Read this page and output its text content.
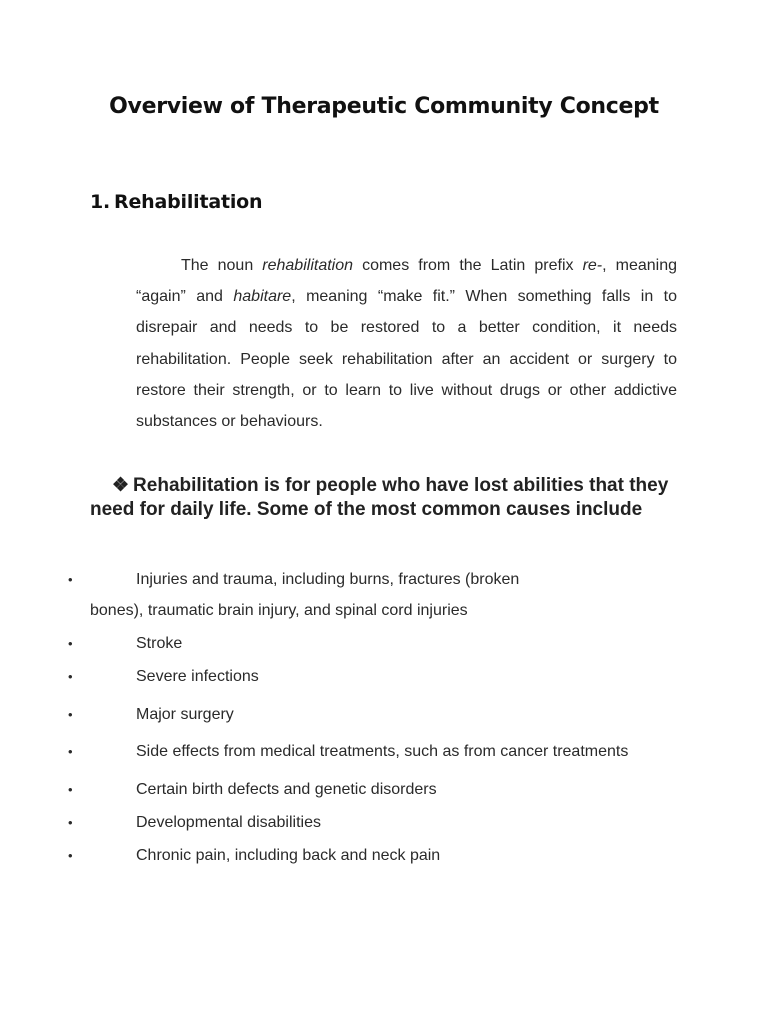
Overview of Therapeutic Community Concept
1. Rehabilitation

The noun rehabilitation comes from the Latin prefix re-, meaning “again” and habitare, meaning “make fit.” When something falls in to disrepair and needs to be restored to a better condition, it needs rehabilitation. People seek rehabilitation after an accident or surgery to restore their strength, or to learn to live without drugs or other addictive substances or behaviours.

❖ Rehabilitation is for people who have lost abilities that they need for daily life. Some of the most common causes include
•	Injuries and trauma, including burns, fractures (broken
bones), traumatic brain injury, and spinal cord injuries
•	Stroke
•	Severe infections
•	Major surgery
•	Side effects from medical treatments, such as from cancer treatments
•	Certain birth defects and genetic disorders
•	Developmental disabilities
•	Chronic pain, including back and neck pain
